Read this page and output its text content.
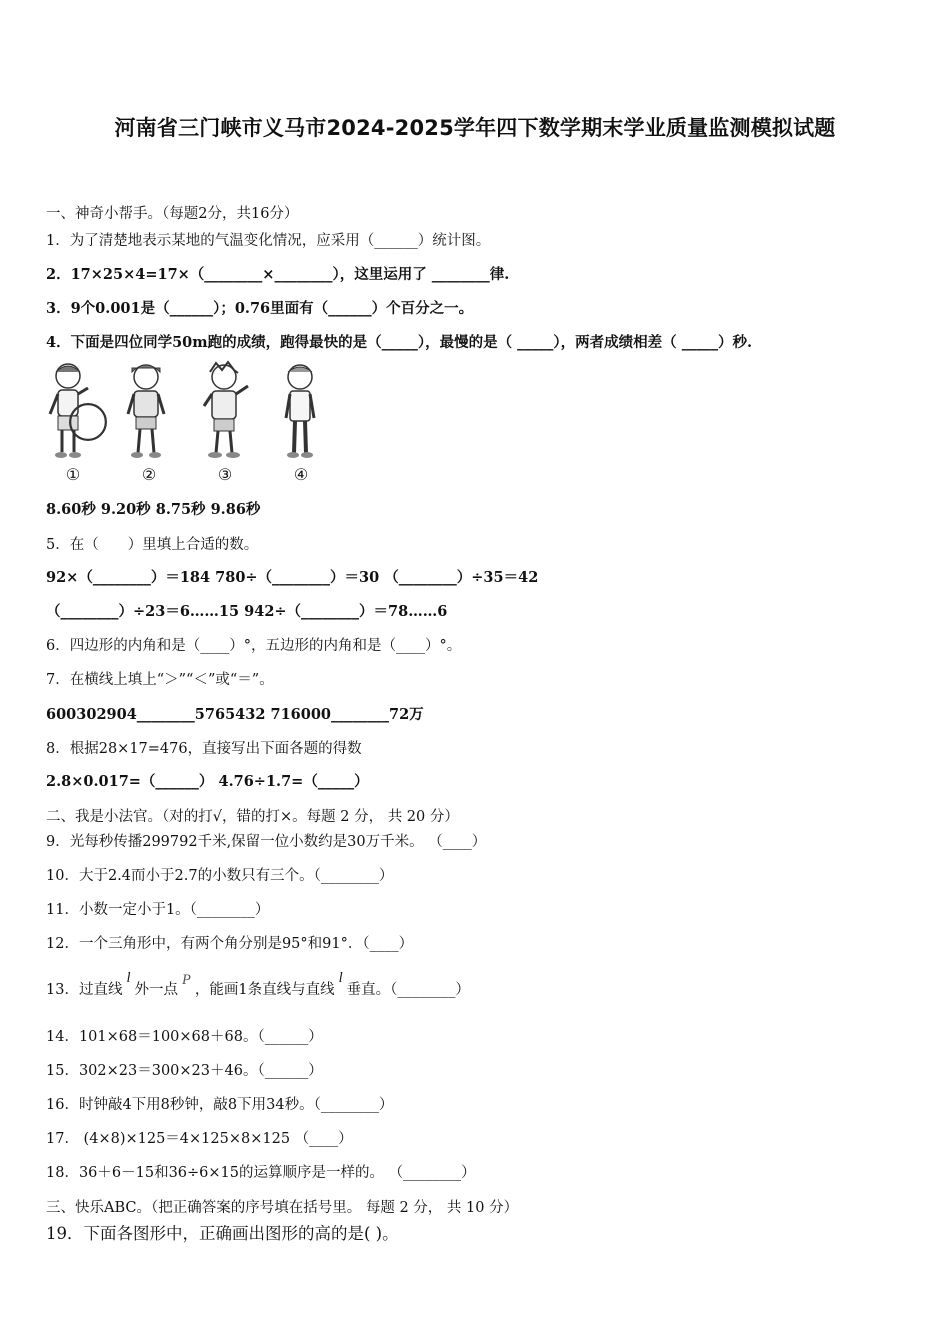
河南省三门峡市义马市2024-2025学年四下数学期末学业质量监测模拟试题
一、神奇小帮手。（每题2分，共16分）
1．为了清楚地表示某地的气温变化情况，应采用（______）统计图。
2．17×25×4=17×（________×________），这里运用了 ________律.
3．9个0.001是（______）；0.76里面有（______）个百分之一。
4．下面是四位同学50m跑的成绩，跑得最快的是（_____），最慢的是（ _____），两者成绩相差（ _____）秒.
①	②	③	④
8.60秒 9.20秒 8.75秒 9.86秒
5．在（　　）里填上合适的数。
92×（________）＝184 780÷（________）＝30 （________）÷35＝42
（________）÷23＝6……15 942÷（________）＝78……6
6．四边形的内角和是（____）°，五边形的内角和是（____）°。
7．在横线上填上“＞”“＜”或“＝”。
600302904________5765432 716000________72万
8．根据28×17=476，直接写出下面各题的得数
2.8×0.017=（______） 4.76÷1.7=（_____）
二、我是小法官。（对的打√，错的打×。每题 2 分， 共 20 分）
9．光每秒传播299792千米,保留一位小数约是30万千米。 （____）
10．大于2.4而小于2.7的小数只有三个。（________）
11．小数一定小于1。（________）
12．一个三角形中，有两个角分别是95°和91°．（____）
13．过直线l外一点P，能画1条直线与直线l垂直。（________）
14．101×68＝100×68＋68。（______）
15．302×23＝300×23＋46。（______）
16．时钟敲4下用8秒钟，敲8下用34秒。（________）
17． (4×8)×125＝4×125×8×125 （____）
18．36＋6－15和36÷6×15的运算顺序是一样的。 （________）
三、快乐ABC。（把正确答案的序号填在括号里。 每题 2 分， 共 10 分）
19．下面各图形中，正确画出图形的高的是( )。
